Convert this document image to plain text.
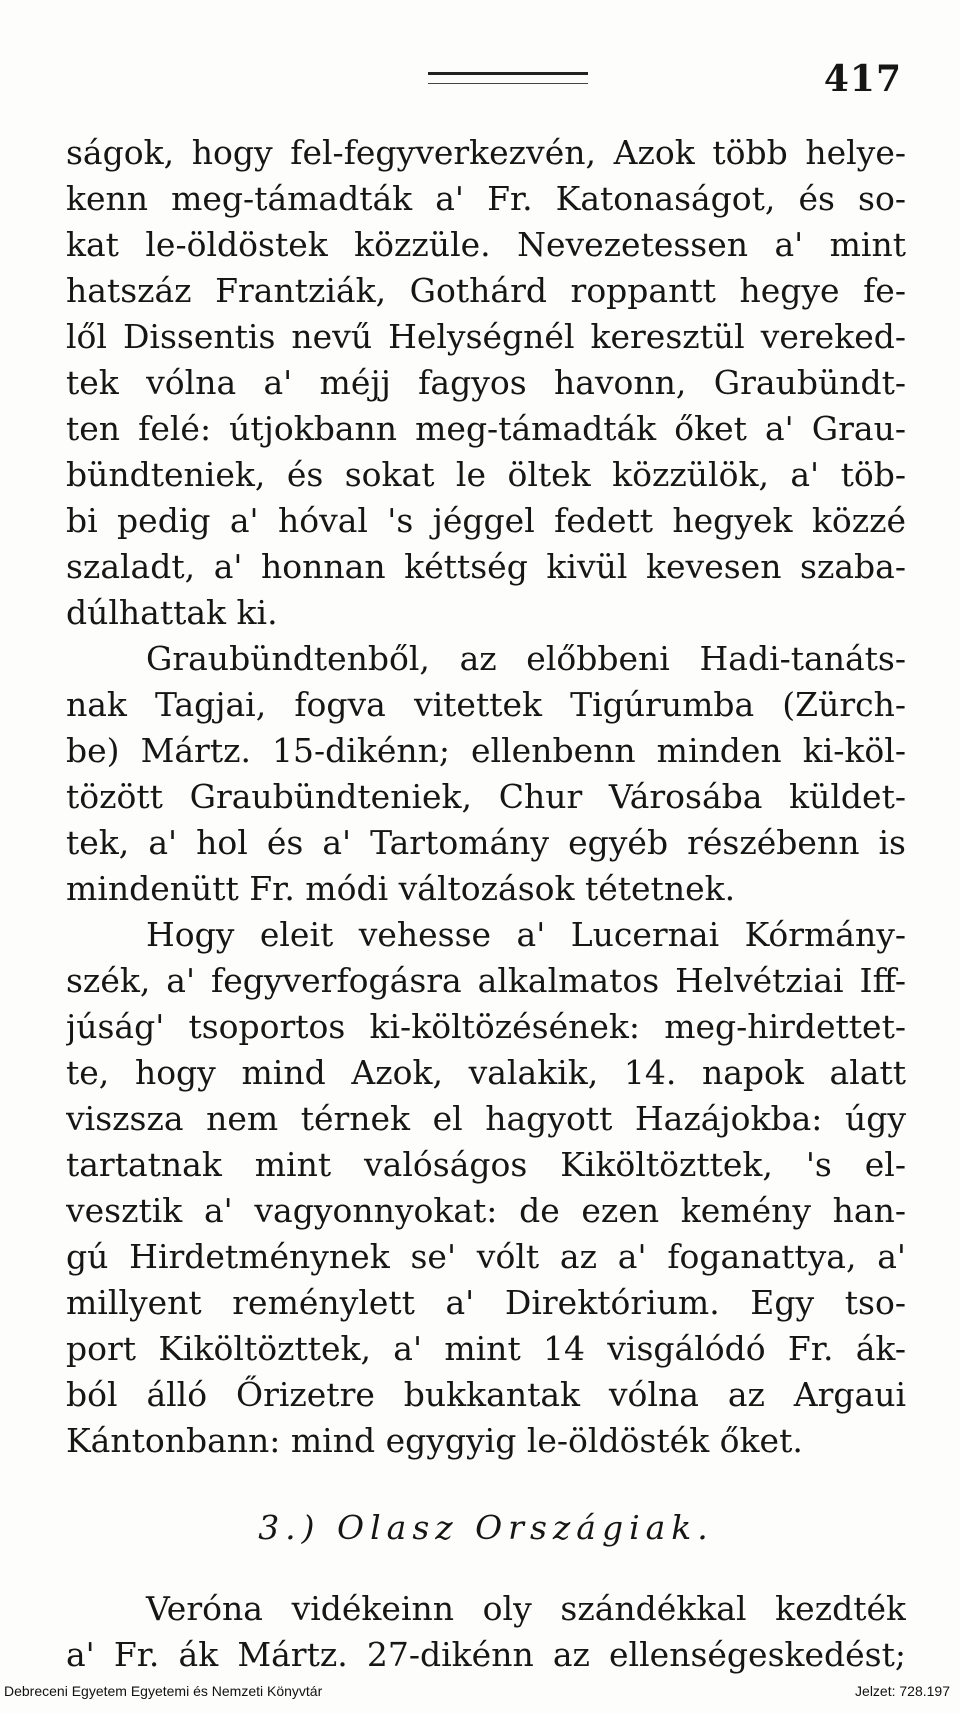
417
ságok, hogy fel-fegyverkezvén, Azok több helye-
kenn meg-támadták a' Fr. Katonaságot, és so-
kat le-öldöstek közzüle. Nevezetessen a' mint
hatszáz Frantziák, Gothárd roppantt hegye fe-
lől Dissentis nevű Helységnél keresztül vereked-
tek vólna a' méjj fagyos havonn, Graubündt-
ten felé: útjokbann meg-támadták őket a' Grau-
bündteniek, és sokat le öltek közzülök, a' töb-
bi pedig a' hóval 's jéggel fedett hegyek közzé
szaladt, a' honnan kéttség kivül kevesen szaba-
dúlhattak ki.
Graubündtenből, az előbbeni Hadi-tanáts-
nak Tagjai, fogva vitettek Tigúrumba (Zürch-
be) Mártz. 15-dikénn; ellenbenn minden ki-köl-
tözött Graubündteniek, Chur Városába küldet-
tek, a' hol és a' Tartomány egyéb részébenn is
mindenütt Fr. módi változások tétetnek.
Hogy eleit vehesse a' Lucernai Kórmány-
szék, a' fegyverfogásra alkalmatos Helvétziai Iff-
júság' tsoportos ki-költözésének: meg-hirdettet-
te, hogy mind Azok, valakik, 14. napok alatt
viszsza nem térnek el hagyott Hazájokba: úgy
tartatnak mint valóságos Kiköltözttek, 's el-
vesztik a' vagyonnyokat: de ezen kemény han-
gú Hirdetménynek se' vólt az a' foganattya, a'
millyent reménylett a' Direktórium. Egy tso-
port Kiköltözttek, a' mint 14 visgálódó Fr. ák-
ból álló Őrizetre bukkantak vólna az Argaui
Kántonbann: mind egygyig le-öldösték őket.
3.) Olasz Országiak.
Veróna vidékeinn oly szándékkal kezdték
a' Fr. ák Mártz. 27-dikénn az ellenségeskedést;
Debreceni Egyetem Egyetemi és Nemzeti Könyvtár	Jelzet: 728.197
